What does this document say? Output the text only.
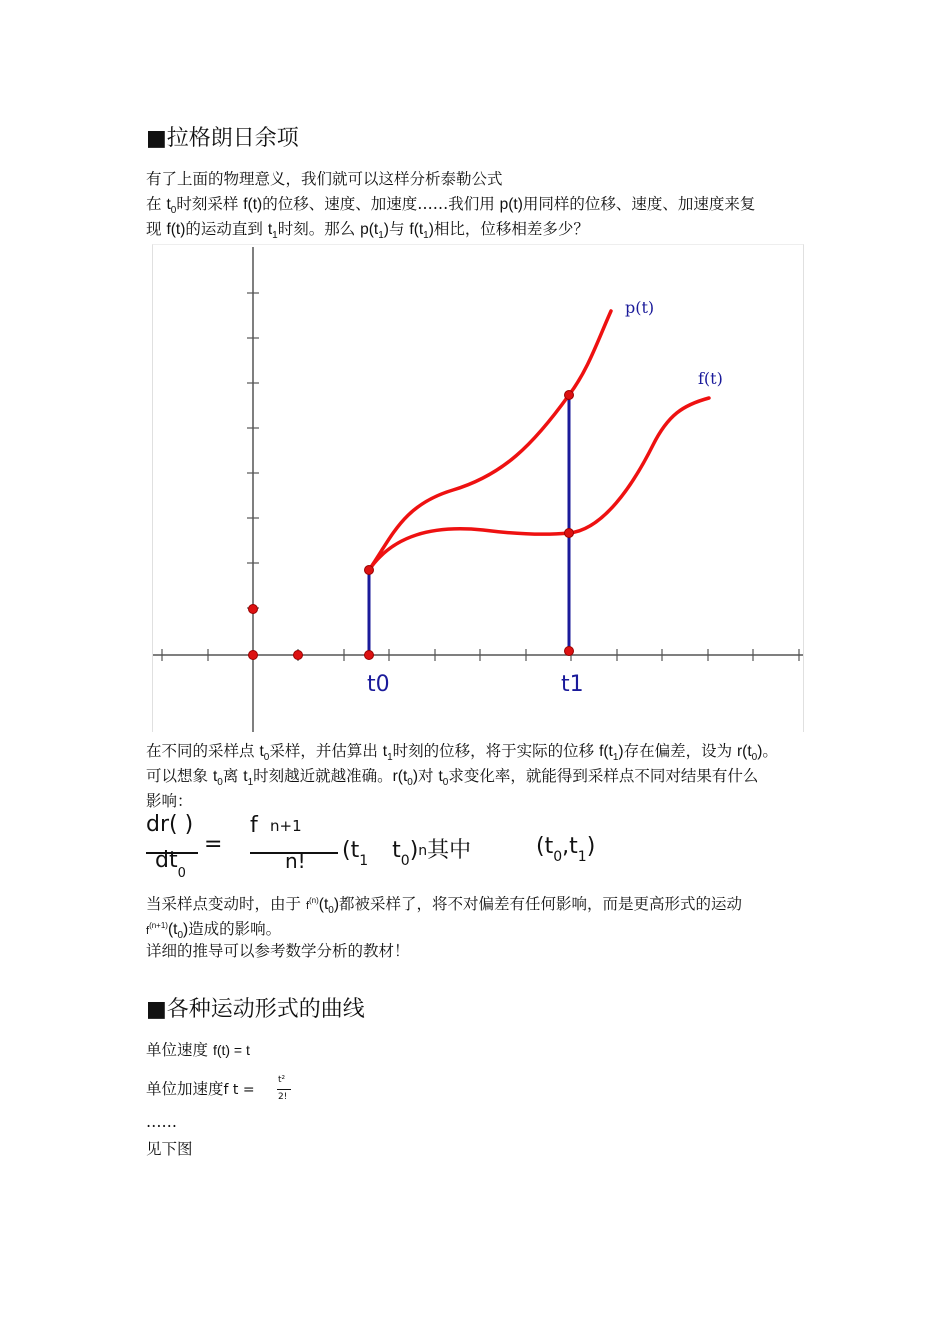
■拉格朗日余项
有了上面的物理意义，我们就可以这样分析泰勒公式
在 $t_0$时刻采样 f(t)的位移、速度、加速度……我们用 p(t)用同样的位移、速度、加速度来复
现 f(t)的运动直到 $t_1$时刻。那么 $p(t_1)$与 $f(t_1)$相比，位移相差多少？
p(t)
f(t)
t0	t1
在不同的采样点 $t_0$采样，并估算出 $t_1$时刻的位移，将于实际的位移 $f(t_1)$存在偏差，设为 $r(t_0)$。
可以想象 $t_0$离 $t_1$时刻越近就越准确。$r(t_0)$对 $t_0$求变化率，就能得到采样点不同对结果有什么
影响：
dr( )
$dt_0$
=
f n+1
n! ($t_1$ $t_0)^n$其中	$(t_0,t_1)$
当采样点变动时，由于 $f^{(n)}(t_0)$都被采样了，将不对偏差有任何影响，而是更高形式的运动
$f^{(n+1)}(t_0)$造成的影响。
详细的推导可以参考数学分析的教材！
■各种运动形式的曲线
单位速度 f(t) = t
单位加速度f t =
t²
2!
……
见下图
